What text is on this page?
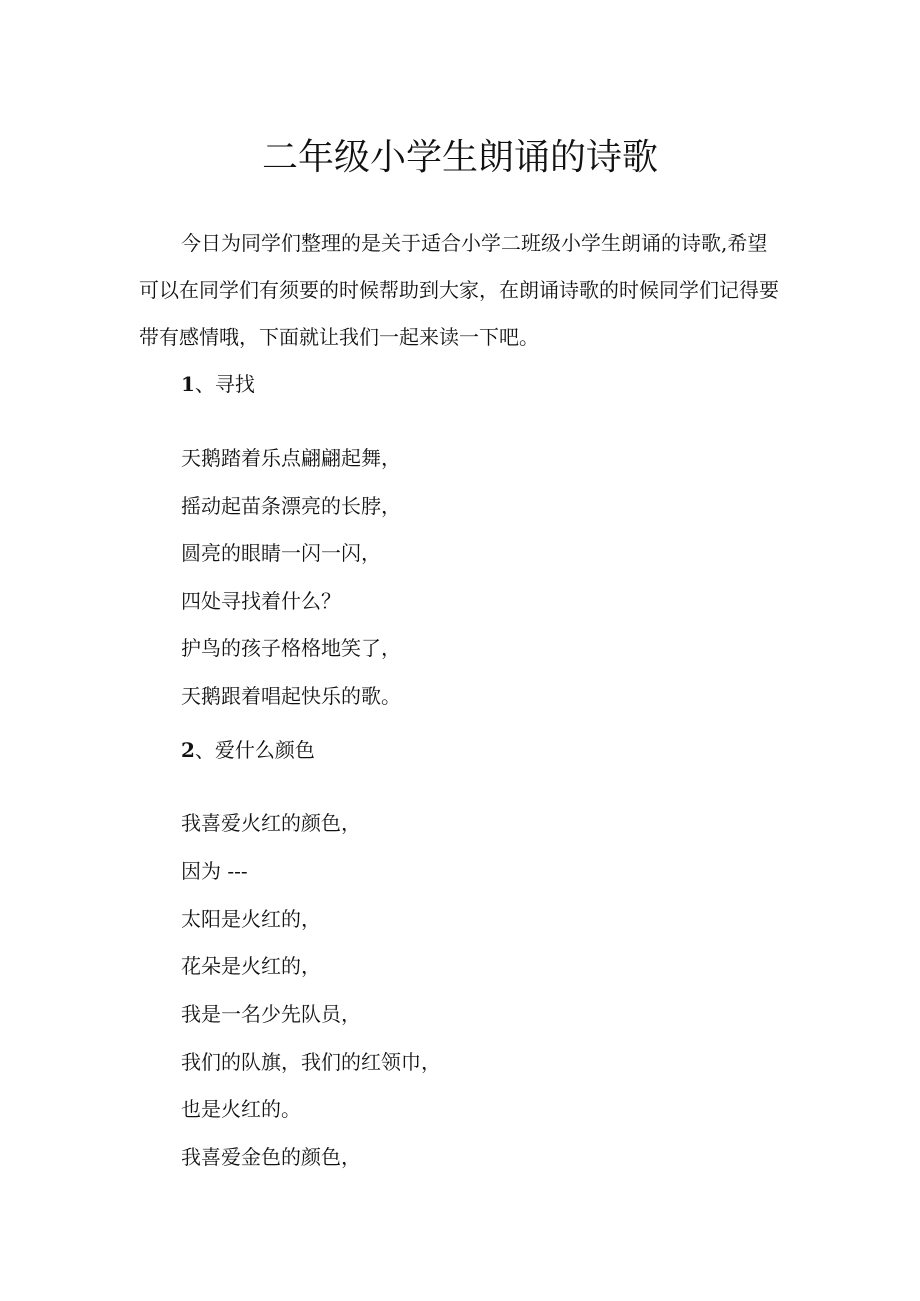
二年级小学生朗诵的诗歌

今日为同学们整理的是关于适合小学二班级小学生朗诵的诗歌,希望
可以在同学们有须要的时候帮助到大家，在朗诵诗歌的时候同学们记得要
带有感情哦，下面就让我们一起来读一下吧。

1、寻找

天鹅踏着乐点翩翩起舞，

摇动起苗条漂亮的长脖，

圆亮的眼睛一闪一闪，

四处寻找着什么？

护鸟的孩子格格地笑了，

天鹅跟着唱起快乐的歌。

2、爱什么颜色

我喜爱火红的颜色，

因为 ---

太阳是火红的，

花朵是火红的，

我是一名少先队员，

我们的队旗，我们的红领巾，

也是火红的。

我喜爱金色的颜色，
